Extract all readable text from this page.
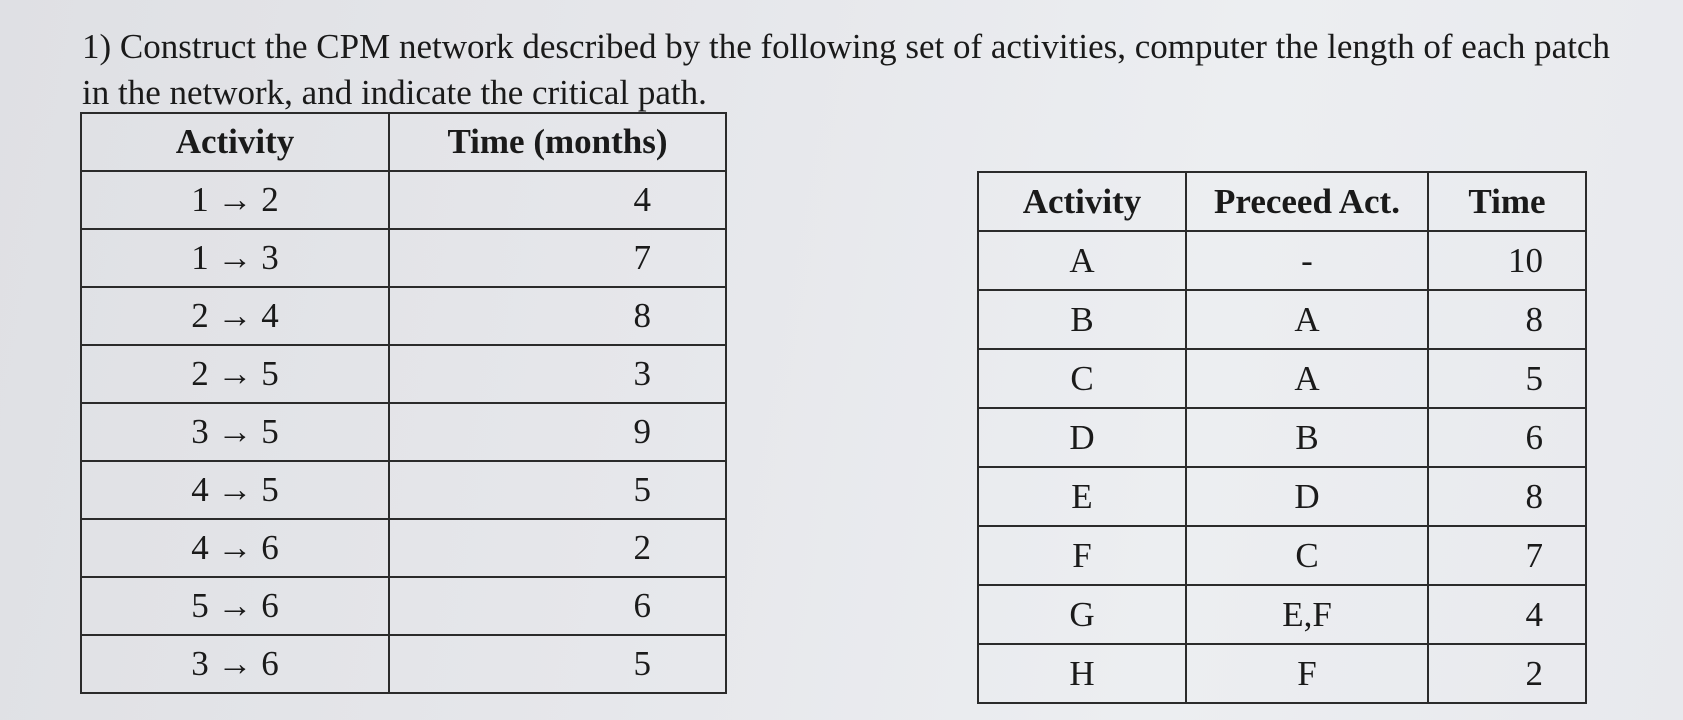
1) Construct the CPM network described by the following set of activities, computer the length of each patch in the network, and indicate the critical path.

Activity	Time (months)
1 → 2	4
1 → 3	7
2 → 4	8
2 → 5	3
3 → 5	9
4 → 5	5
4 → 6	2
5 → 6	6
3 → 6	5
Activity	Preceed Act.	Time
A	-	10
B	A	8
C	A	5
D	B	6
E	D	8
F	C	7
G	E,F	4
H	F	2
